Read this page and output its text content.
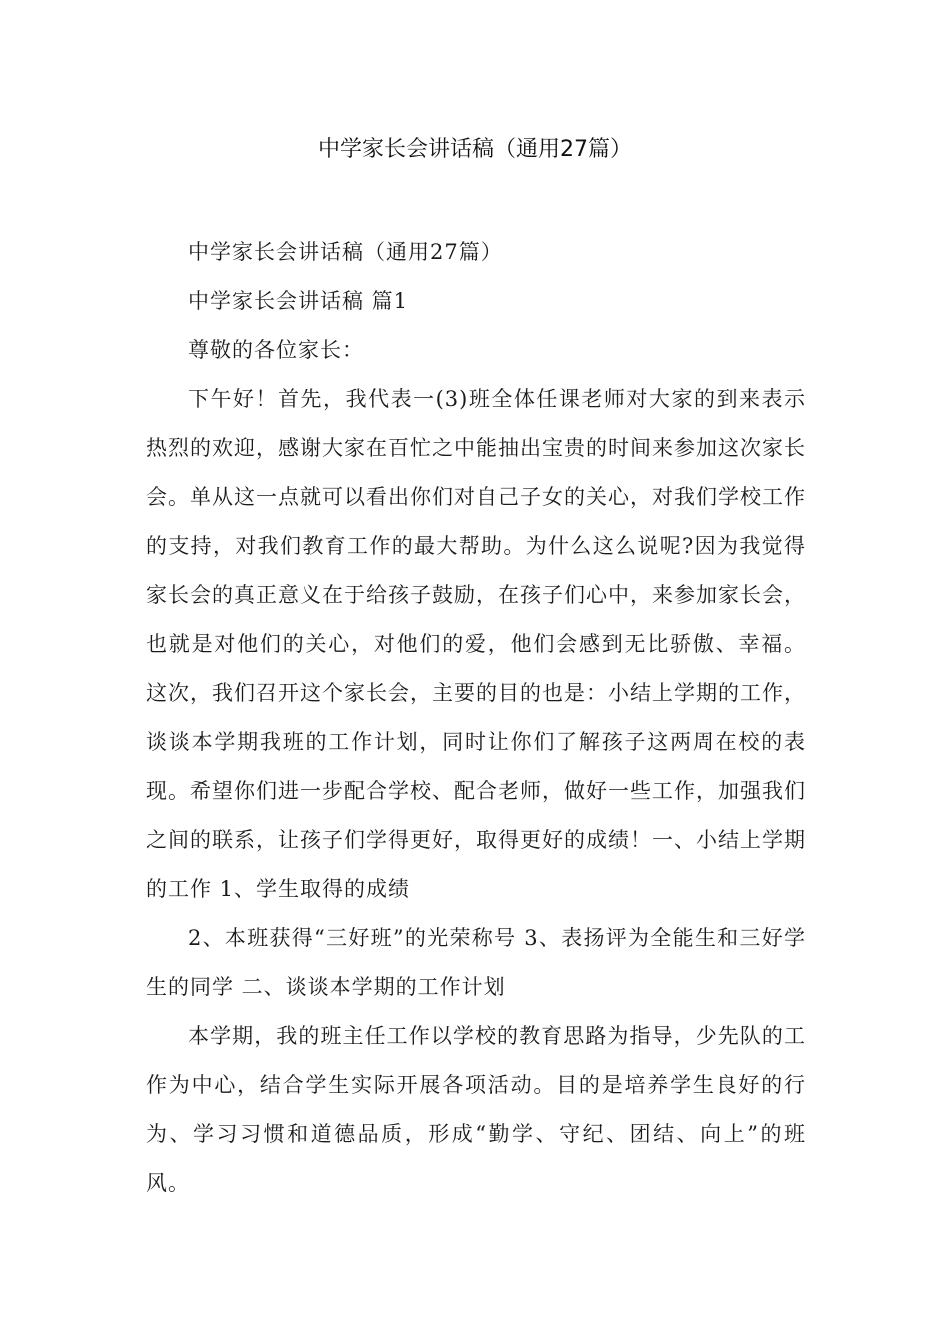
中学家长会讲话稿（通用27篇）

中学家长会讲话稿（通用27篇）

中学家长会讲话稿 篇1

尊敬的各位家长：

下午好！首先，我代表一(3)班全体任课老师对大家的到来表示热烈的欢迎，感谢大家在百忙之中能抽出宝贵的时间来参加这次家长会。单从这一点就可以看出你们对自己子女的关心，对我们学校工作的支持，对我们教育工作的最大帮助。为什么这么说呢?因为我觉得家长会的真正意义在于给孩子鼓励，在孩子们心中，来参加家长会，也就是对他们的关心，对他们的爱，他们会感到无比骄傲、幸福。 这次，我们召开这个家长会，主要的目的也是：小结上学期的工作，谈谈本学期我班的工作计划，同时让你们了解孩子这两周在校的表现。希望你们进一步配合学校、配合老师，做好一些工作，加强我们之间的联系，让孩子们学得更好，取得更好的成绩！一、小结上学期的工作 1、学生取得的成绩

2、本班获得“三好班”的光荣称号 3、表扬评为全能生和三好学生的同学 二、谈谈本学期的工作计划

本学期，我的班主任工作以学校的教育思路为指导，少先队的工作为中心，结合学生实际开展各项活动。目的是培养学生良好的行为、学习习惯和道德品质，形成“勤学、守纪、团结、向上”的班风。
